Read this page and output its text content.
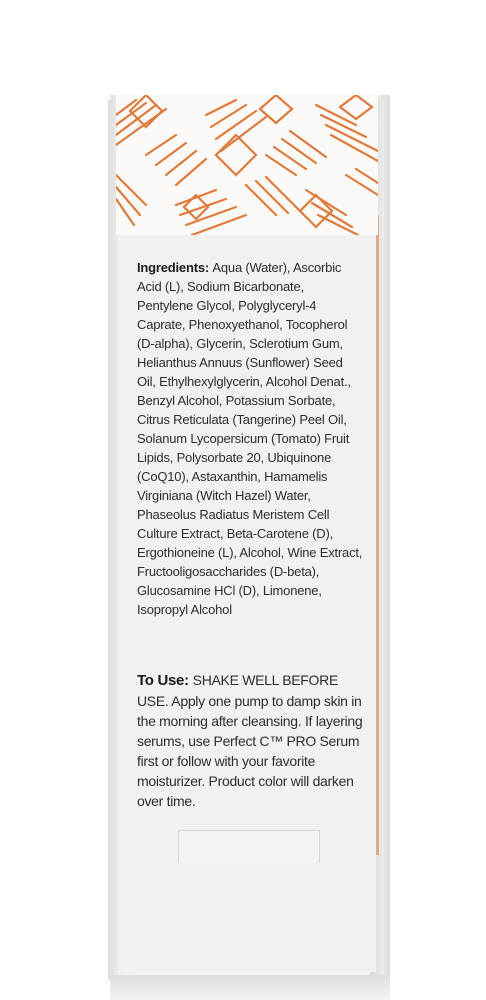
Ingredients: Aqua (Water), Ascorbic Acid (L), Sodium Bicarbonate, Pentylene Glycol, Polyglyceryl-4 Caprate, Phenoxyethanol, Tocopherol (D-alpha), Glycerin, Sclerotium Gum, Helianthus Annuus (Sunflower) Seed Oil, Ethylhexylglycerin, Alcohol Denat., Benzyl Alcohol, Potassium Sorbate, Citrus Reticulata (Tangerine) Peel Oil, Solanum Lycopersicum (Tomato) Fruit Lipids, Polysorbate 20, Ubiquinone (CoQ10), Astaxanthin, Hamamelis Virginiana (Witch Hazel) Water, Phaseolus Radiatus Meristem Cell Culture Extract, Beta-Carotene (D), Ergothioneine (L), Alcohol, Wine Extract, Fructooligosaccharides (D-beta), Glucosamine HCl (D), Limonene, Isopropyl Alcohol
To Use: SHAKE WELL BEFORE USE. Apply one pump to damp skin in the morning after cleansing. If layering serums, use Perfect C™ PRO Serum first or follow with your favorite moisturizer. Product color will darken over time.
